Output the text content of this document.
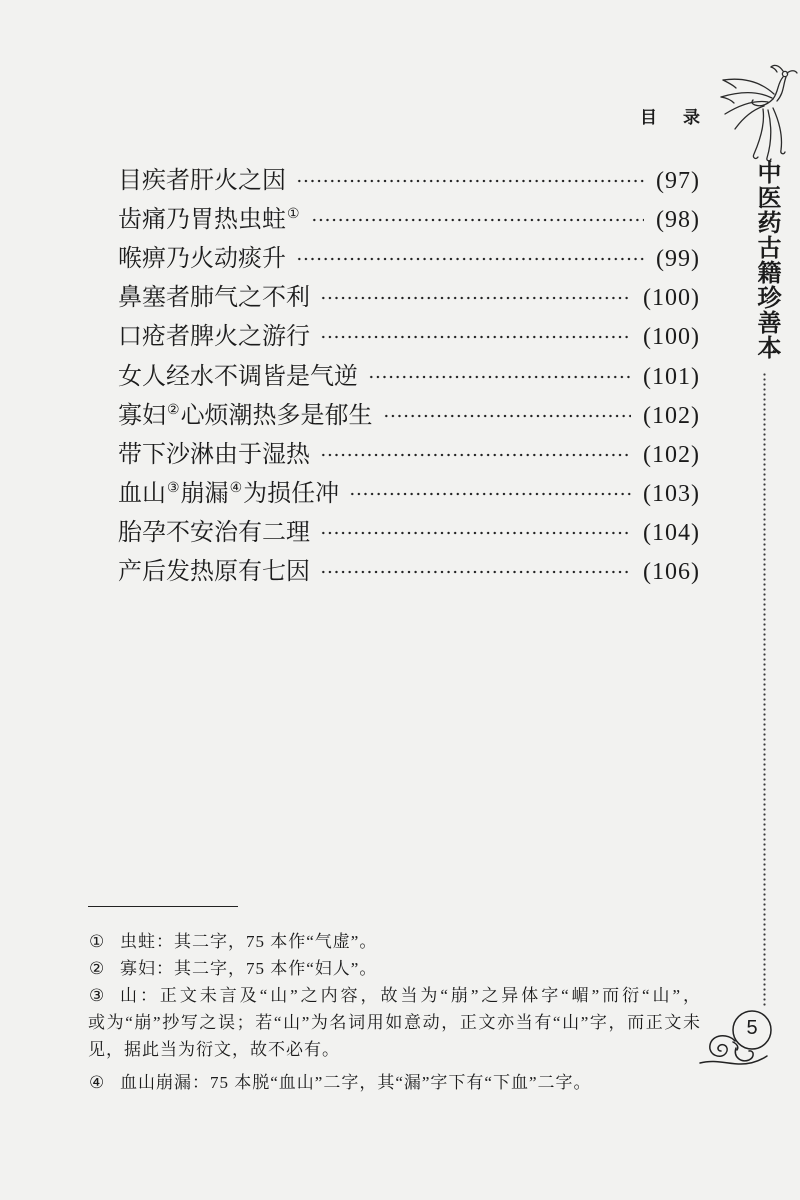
目录
中医药古籍珍善本
目疾者肝火之因	(97)
齿痛乃胃热虫蛀①	(98)
喉痹乃火动痰升	(99)
鼻塞者肺气之不利	(100)
口疮者脾火之游行	(100)
女人经水不调皆是气逆	(101)
寡妇②心烦潮热多是郁生	(102)
带下沙淋由于湿热	(102)
血山③崩漏④为损任冲	(103)
胎孕不安治有二理	(104)
产后发热原有七因	(106)
① 虫蛀：其二字，75 本作“气虚”。
② 寡妇：其二字，75 本作“妇人”。
③ 山：正文未言及“山”之内容，故当为“崩”之异体字“嵋”而衍“山”，
或为“崩”抄写之误；若“山”为名词用如意动，正文亦当有“山”字，而正文未
见，据此当为衍文，故不必有。
④ 血山崩漏：75 本脱“血山”二字，其“漏”字下有“下血”二字。
5
